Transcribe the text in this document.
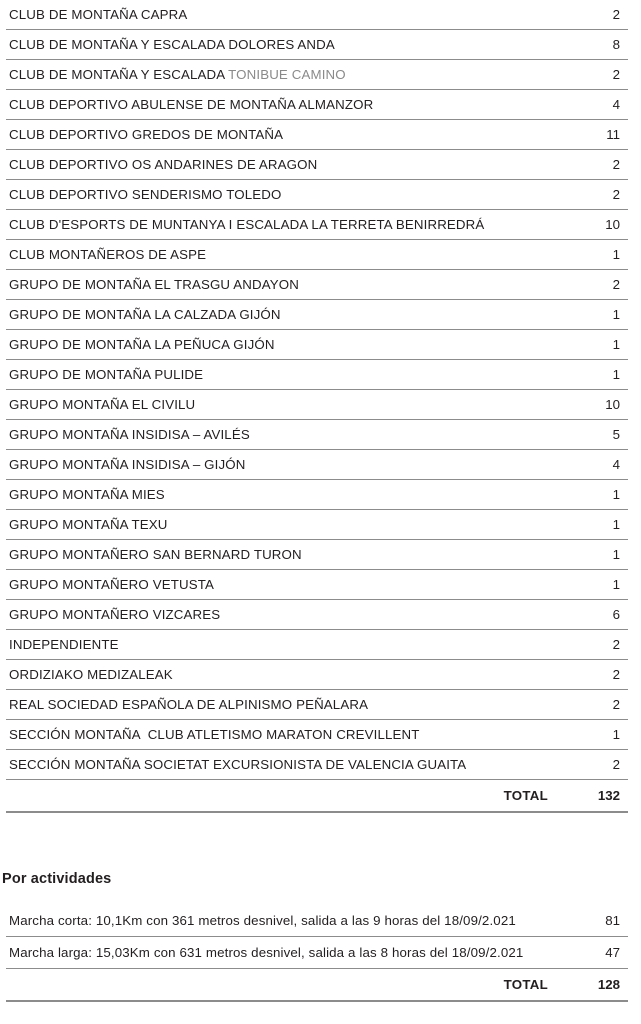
CLUB DE MONTAÑA CAPRA	2
CLUB DE MONTAÑA Y ESCALADA DOLORES ANDA	8
CLUB DE MONTAÑA Y ESCALADA TONIBUE CAMINO	2
CLUB DEPORTIVO ABULENSE DE MONTAÑA ALMANZOR	4
CLUB DEPORTIVO GREDOS DE MONTAÑA	11
CLUB DEPORTIVO OS ANDARINES DE ARAGON	2
CLUB DEPORTIVO SENDERISMO TOLEDO	2
CLUB D'ESPORTS DE MUNTANYA I ESCALADA LA TERRETA BENIRREDRÁ	10
CLUB MONTAÑEROS DE ASPE	1
GRUPO DE MONTAÑA EL TRASGU ANDAYON	2
GRUPO DE MONTAÑA LA CALZADA GIJÓN	1
GRUPO DE MONTAÑA LA PEÑUCA GIJÓN	1
GRUPO DE MONTAÑA PULIDE	1
GRUPO MONTAÑA EL CIVILU	10
GRUPO MONTAÑA INSIDISA – AVILÉS	5
GRUPO MONTAÑA INSIDISA – GIJÓN	4
GRUPO MONTAÑA MIES	1
GRUPO MONTAÑA TEXU	1
GRUPO MONTAÑERO SAN BERNARD TURON	1
GRUPO MONTAÑERO VETUSTA	1
GRUPO MONTAÑERO VIZCARES	6
INDEPENDIENTE	2
ORDIZIAKO MEDIZALEAK	2
REAL SOCIEDAD ESPAÑOLA DE ALPINISMO PEÑALARA	2
SECCIÓN MONTAÑA  CLUB ATLETISMO MARATON CREVILLENT	1
SECCIÓN MONTAÑA SOCIETAT EXCURSIONISTA DE VALENCIA GUAITA	2
TOTAL	132
Por actividades
Marcha corta: 10,1Km con 361 metros desnivel, salida a las 9 horas del 18/09/2.021	81
Marcha larga: 15,03Km con 631 metros desnivel, salida a las 8 horas del 18/09/2.021	47
TOTAL	128
